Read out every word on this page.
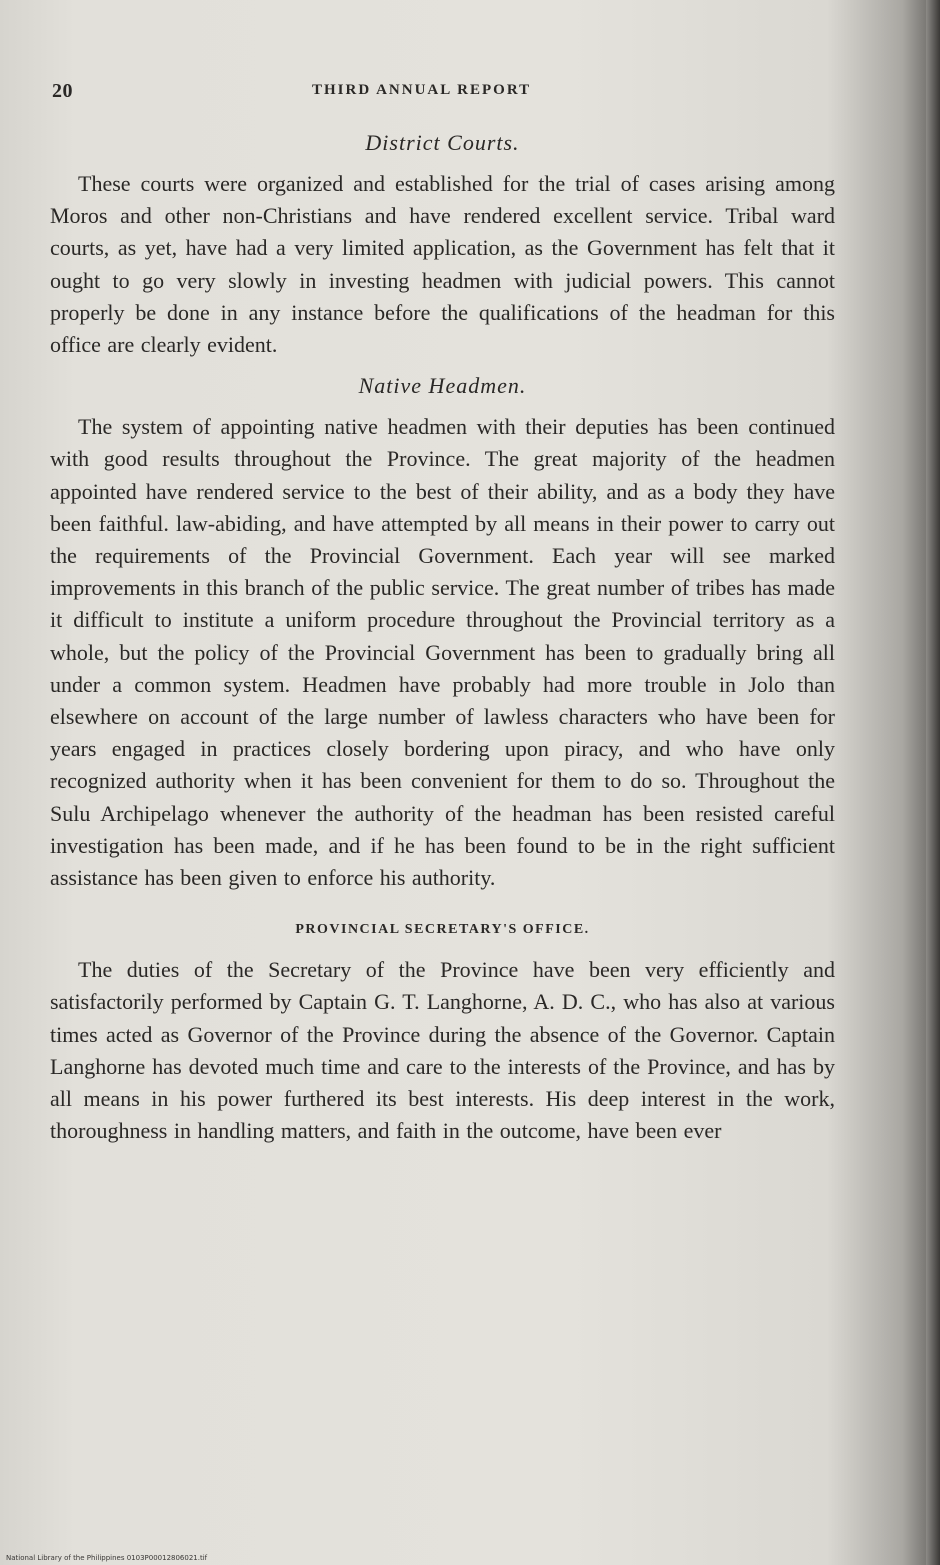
20	THIRD ANNUAL REPORT
District Courts.

These courts were organized and established for the trial of cases arising among Moros and other non-Christians and have rendered excellent service. Tribal ward courts, as yet, have had a very limited application, as the Government has felt that it ought to go very slowly in investing headmen with judicial powers. This cannot properly be done in any instance before the qualifications of the headman for this office are clearly evident.

Native Headmen.

The system of appointing native headmen with their deputies has been continued with good results throughout the Province. The great majority of the headmen appointed have rendered service to the best of their ability, and as a body they have been faithful. law-abiding, and have attempted by all means in their power to carry out the requirements of the Provincial Government. Each year will see marked improvements in this branch of the public service. The great number of tribes has made it difficult to institute a uniform procedure throughout the Provincial territory as a whole, but the policy of the Provincial Government has been to gradually bring all under a common system. Headmen have probably had more trouble in Jolo than elsewhere on account of the large number of lawless characters who have been for years engaged in practices closely bordering upon piracy, and who have only recognized authority when it has been convenient for them to do so. Throughout the Sulu Archipelago whenever the authority of the headman has been resisted careful investigation has been made, and if he has been found to be in the right sufficient assistance has been given to enforce his authority.

PROVINCIAL SECRETARY'S OFFICE.

The duties of the Secretary of the Province have been very efficiently and satisfactorily performed by Captain G. T. Langhorne, A. D. C., who has also at various times acted as Governor of the Province during the absence of the Governor. Captain Langhorne has devoted much time and care to the interests of the Province, and has by all means in his power furthered its best interests. His deep interest in the work, thoroughness in handling matters, and faith in the outcome, have been ever

National Library of the Philippines 0103P00012806021.tif
